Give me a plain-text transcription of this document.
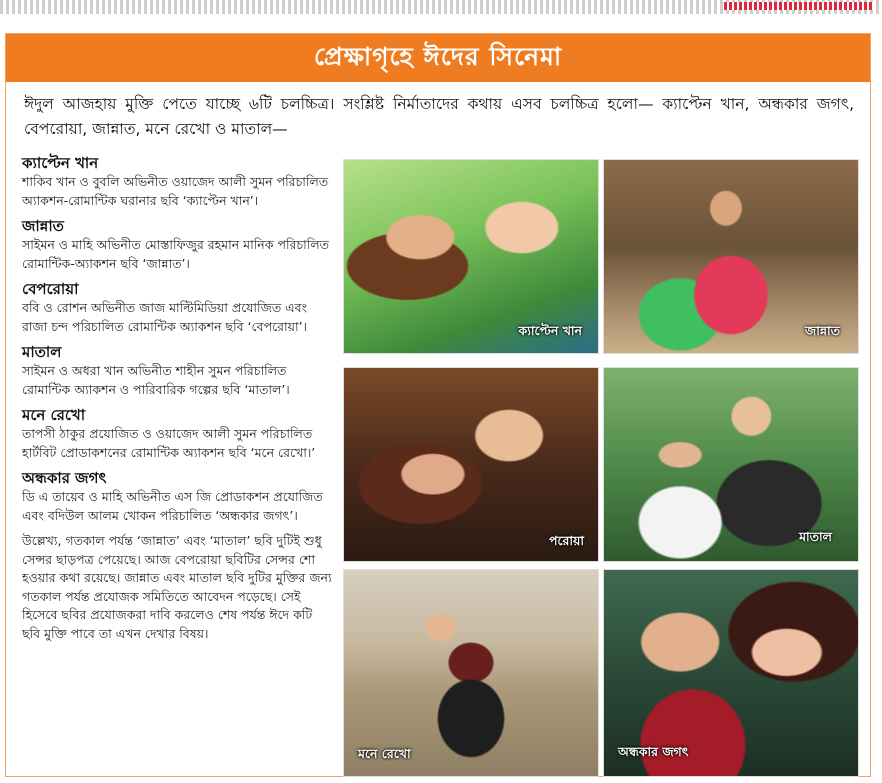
প্রেক্ষাগৃহে ঈদের সিনেমা
ঈদুল আজহায় মুক্তি পেতে যাচ্ছে ৬টি চলচ্চিত্র। সংশ্লিষ্ট নির্মাতাদের কথায় এসব চলচ্চিত্র হলো— ক্যাপ্টেন খান, অন্ধকার জগৎ, বেপরোয়া, জান্নাত, মনে রেখো ও মাতাল—
ক্যাপ্টেন খান

শাকিব খান ও বুবলি অভিনীত ওয়াজেদ আলী সুমন পরিচালিত অ্যাকশন-রোমান্টিক ঘরানার ছবি ‘ক্যাপ্টেন খান’।

জান্নাত

সাইমন ও মাহি অভিনীত মোস্তাফিজুর রহমান মানিক পরিচালিত রোমান্টিক-অ্যাকশন ছবি ‘জান্নাত’।

বেপরোয়া

ববি ও রোশন অভিনীত জাজ মাল্টিমিডিয়া প্রযোজিত এবং রাজা চন্দ পরিচালিত রোমান্টিক অ্যাকশন ছবি ‘বেপরোয়া’।

মাতাল

সাইমন ও অধরা খান অভিনীত শাহীন সুমন পরিচালিত রোমান্টিক অ্যাকশন ও পারিবারিক গল্পের ছবি ‘মাতাল’।

মনে রেখো

তাপসী ঠাকুর প্রযোজিত ও ওয়াজেদ আলী সুমন পরিচালিত হার্টবিট প্রোডাকশনের রোমান্টিক অ্যাকশন ছবি ‘মনে রেখো।’

অন্ধকার জগৎ

ডি এ তায়েব ও মাহি অভিনীত এস জি প্রোডাকশন প্রযোজিত এবং বদিউল আলম খোকন পরিচালিত ‘অন্ধকার জগৎ’।

উল্লেখ্য, গতকাল পর্যন্ত ‘জান্নাত’ এবং ‘মাতাল’ ছবি দুটিই শুধু সেন্সর ছাড়পত্র পেয়েছে। আজ বেপরোয়া ছবিটির সেন্সর শো হওয়ার কথা রয়েছে। জান্নাত এবং মাতাল ছবি দুটির মুক্তির জন্য গতকাল পর্যন্ত প্রযোজক সমিতিতে আবেদন পড়েছে। সেই হিসেবে ছবির প্রযোজকরা দাবি করলেও শেষ পর্যন্ত ঈদে কটি ছবি মুক্তি পাবে তা এখন দেখার বিষয়।

ক্যাপ্টেন খান	জান্নাত
পরোয়া	মাতাল
মনে রেখো	অন্ধকার জগৎ
